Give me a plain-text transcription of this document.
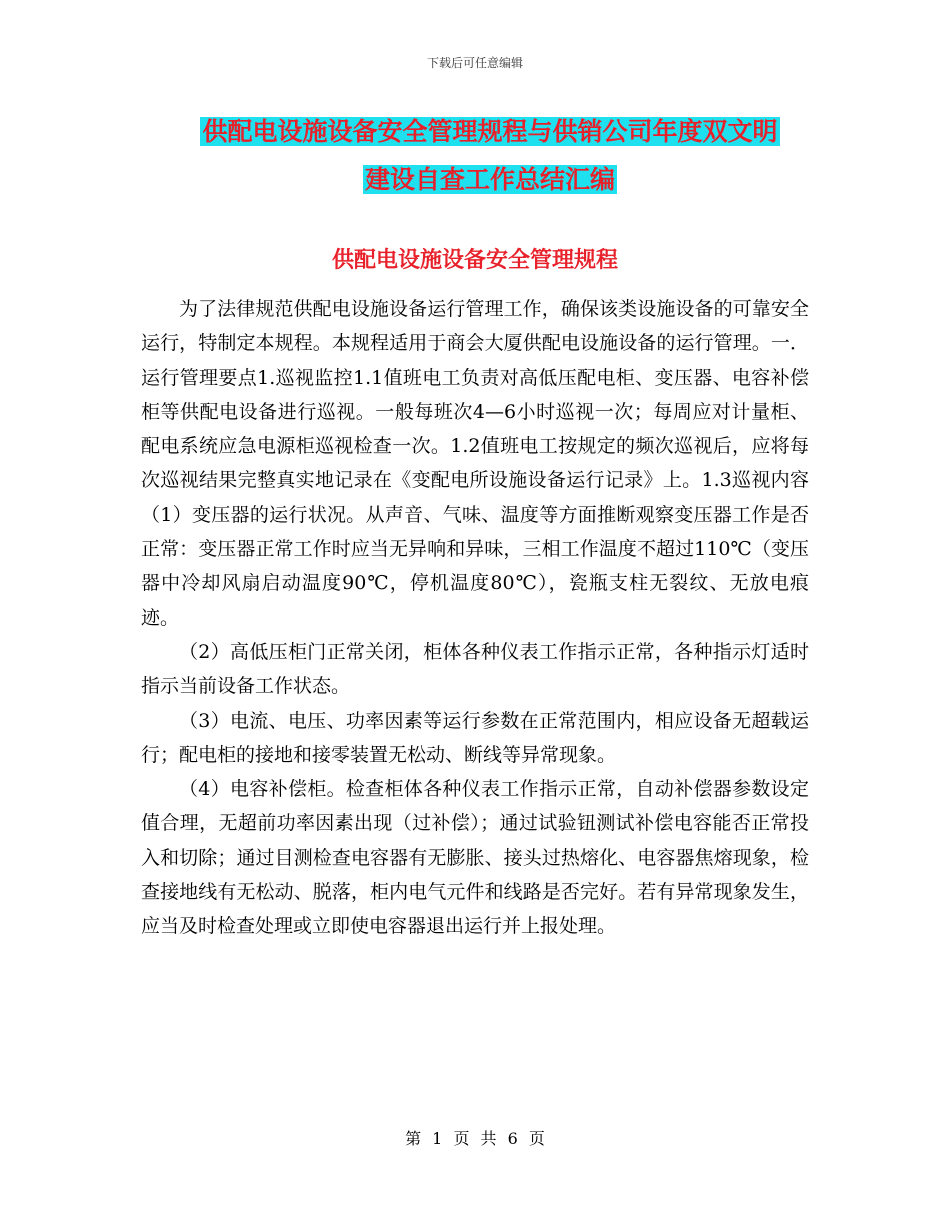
下载后可任意编辑
供配电设施设备安全管理规程与供销公司年度双文明
建设自查工作总结汇编
供配电设施设备安全管理规程

为了法律规范供配电设施设备运行管理工作，确保该类设施设备的可靠安全运行，特制定本规程。本规程适用于商会大厦供配电设施设备的运行管理。一．运行管理要点1.巡视监控1.1值班电工负责对高低压配电柜、变压器、电容补偿柜等供配电设备进行巡视。一般每班次4—6小时巡视一次；每周应对计量柜、配电系统应急电源柜巡视检查一次。1.2值班电工按规定的频次巡视后，应将每次巡视结果完整真实地记录在《变配电所设施设备运行记录》上。1.3巡视内容（1）变压器的运行状况。从声音、气味、温度等方面推断观察变压器工作是否正常：变压器正常工作时应当无异响和异味，三相工作温度不超过110℃（变压器中冷却风扇启动温度90℃，停机温度80℃），瓷瓶支柱无裂纹、无放电痕迹。

（2）高低压柜门正常关闭，柜体各种仪表工作指示正常，各种指示灯适时指示当前设备工作状态。

（3）电流、电压、功率因素等运行参数在正常范围内，相应设备无超载运行；配电柜的接地和接零装置无松动、断线等异常现象。

（4）电容补偿柜。检查柜体各种仪表工作指示正常，自动补偿器参数设定值合理，无超前功率因素出现（过补偿）；通过试验钮测试补偿电容能否正常投入和切除；通过目测检查电容器有无膨胀、接头过热熔化、电容器焦熔现象，检查接地线有无松动、脱落，柜内电气元件和线路是否完好。若有异常现象发生，应当及时检查处理或立即使电容器退出运行并上报处理。

第 1 页 共 6 页
